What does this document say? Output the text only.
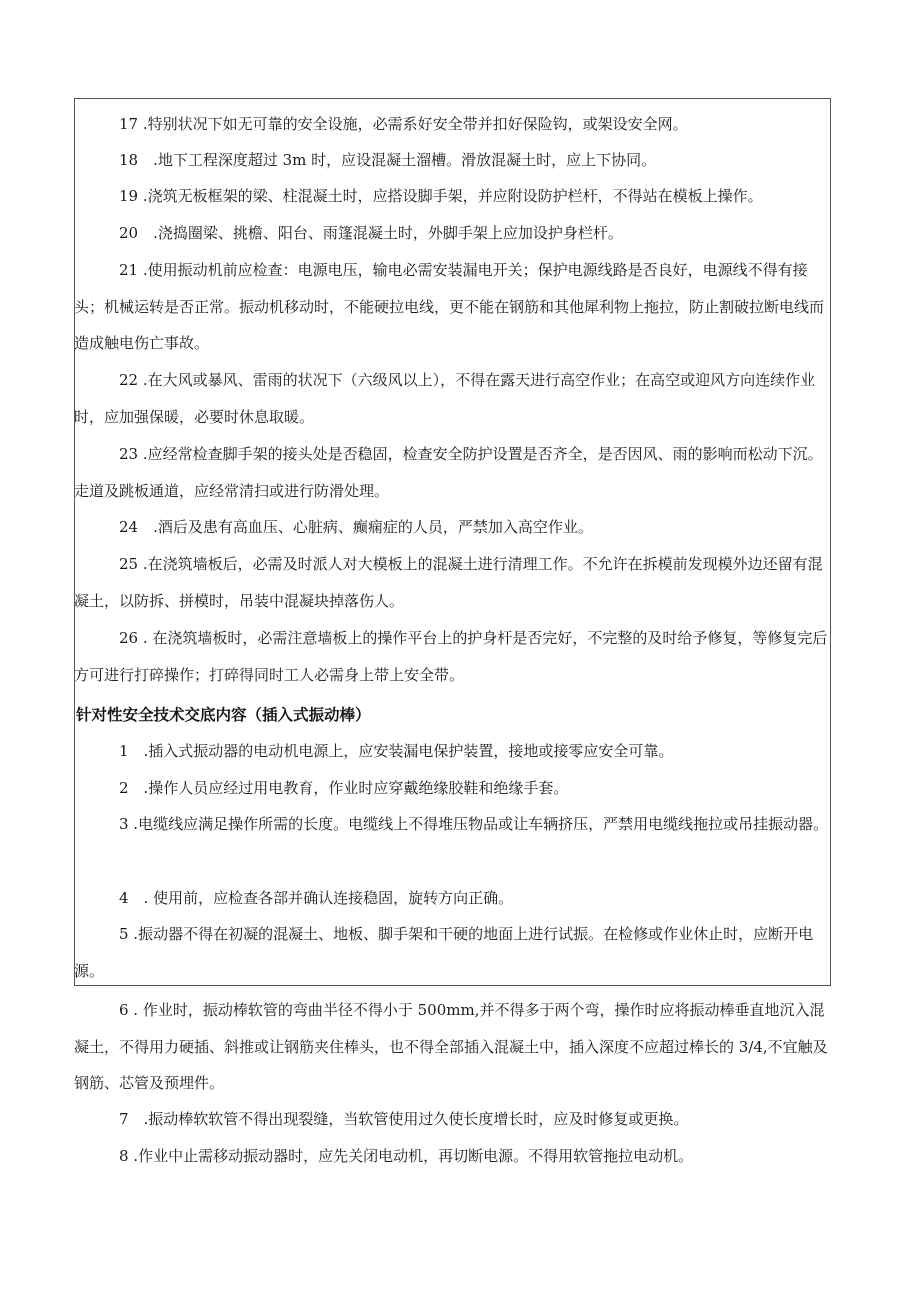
17 .特别状况下如无可靠的安全设施，必需系好安全带并扣好保险钩，或架设安全网。
18　.地下工程深度超过 3m 时，应设混凝土溜槽。滑放混凝土时，应上下协同。
19 .浇筑无板框架的梁、柱混凝土时，应搭设脚手架，并应附设防护栏杆，不得站在模板上操作。
20　.浇捣圈梁、挑檐、阳台、雨篷混凝土时，外脚手架上应加设护身栏杆。
21 .使用振动机前应检查：电源电压，输电必需安装漏电开关；保护电源线路是否良好，电源线不得有接头；机械运转是否正常。振动机移动时，不能硬拉电线，更不能在钢筋和其他犀利物上拖拉，防止割破拉断电线而造成触电伤亡事故。
22 .在大风或暴风、雷雨的状况下（六级风以上），不得在露天进行高空作业；在高空或迎风方向连续作业时，应加强保暖，必要时休息取暖。
23 .应经常检查脚手架的接头处是否稳固，检查安全防护设置是否齐全，是否因风、雨的影响而松动下沉。走道及跳板通道，应经常清扫或进行防滑处理。
24　.酒后及患有高血压、心脏病、癫痫症的人员，严禁加入高空作业。
25 .在浇筑墙板后，必需及时派人对大模板上的混凝土进行清理工作。不允许在拆模前发现模外边还留有混凝土，以防拆、拼模时，吊装中混凝块掉落伤人。
26 . 在浇筑墙板时，必需注意墙板上的操作平台上的护身杆是否完好，不完整的及时给予修复，等修复完后方可进行打碎操作；打碎得同时工人必需身上带上安全带。
针对性安全技术交底内容（插入式振动棒）
1　.插入式振动器的电动机电源上，应安装漏电保护装置，接地或接零应安全可靠。
2　.操作人员应经过用电教育，作业时应穿戴绝缘胶鞋和绝缘手套。
3 .电缆线应满足操作所需的长度。电缆线上不得堆压物品或让车辆挤压，严禁用电缆线拖拉或吊挂振动器。
4　. 使用前，应检查各部并确认连接稳固，旋转方向正确。
5 .振动器不得在初凝的混凝土、地板、脚手架和干硬的地面上进行试振。在检修或作业休止时，应断开电源。
6 . 作业时，振动棒软管的弯曲半径不得小于 500mm,并不得多于两个弯，操作时应将振动棒垂直地沉入混凝土，不得用力硬插、斜推或让钢筋夹住棒头，也不得全部插入混凝土中，插入深度不应超过棒长的 3/4,不宜触及钢筋、芯管及预埋件。
7　.振动棒软软管不得出现裂缝，当软管使用过久使长度增长时，应及时修复或更换。
8 .作业中止需移动振动器时，应先关闭电动机，再切断电源。不得用软管拖拉电动机。
